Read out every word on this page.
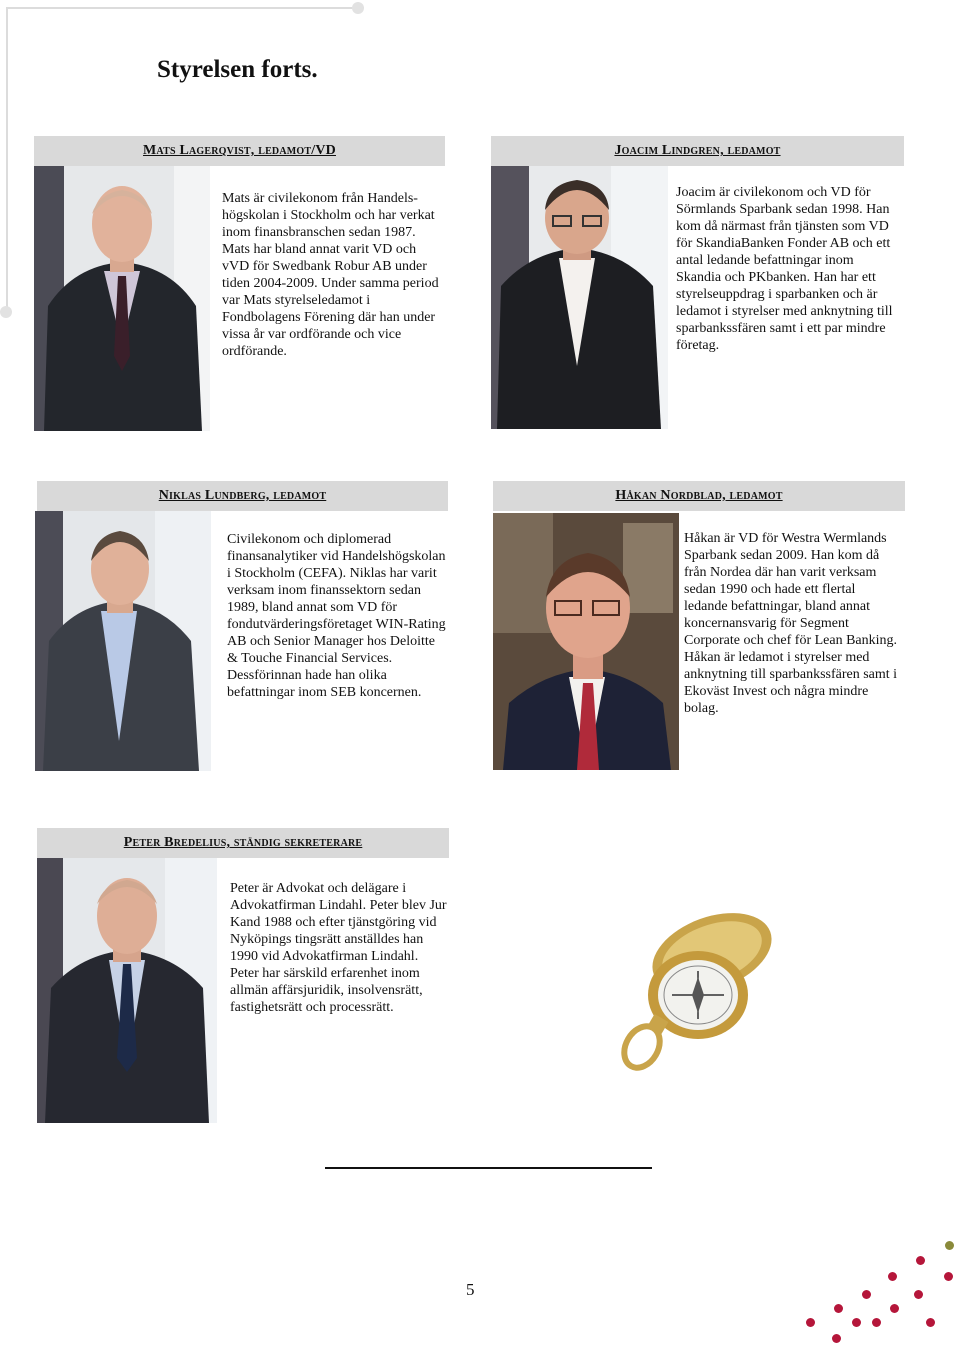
Styrelsen forts.
Mats Lagerqvist, ledamot/VD

Mats är civilekonom från Handels-högskolan i Stockholm och har verkat inom finansbranschen sedan 1987. Mats har bland annat varit VD och vVD för Swedbank Robur AB under tiden 2004-2009. Under samma period var Mats styrelseledamot i Fondbolagens Förening där han under vissa år var ordförande och vice ordförande.

Joacim Lindgren, ledamot

Joacim är civilekonom och VD för Sörmlands Sparbank sedan 1998. Han kom då närmast från tjänsten som VD för SkandiaBanken Fonder AB och ett antal ledande befattningar inom Skandia och PKbanken. Han har ett styrelseuppdrag i sparbanken och är ledamot i styrelser med anknytning till sparbankssfären samt i ett par mindre företag.

Niklas Lundberg, ledamot

Civilekonom och diplomerad finansanalytiker vid Handelshögskolan i Stockholm (CEFA). Niklas har varit verksam inom finanssektorn sedan 1989, bland annat som VD för fondutvärderingsföretaget WIN-Rating AB och Senior Manager hos Deloitte & Touche Financial Services. Dessförinnan hade han olika befattningar inom SEB koncernen.

Håkan Nordblad, ledamot

Håkan är VD för Westra Wermlands Sparbank sedan 2009. Han kom då från Nordea där han varit verksam sedan 1990 och hade ett flertal ledande befattningar, bland annat koncernansvarig för Segment Corporate och chef för Lean Banking. Håkan är ledamot i styrelser med anknytning till sparbankssfären samt i Ekoväst Invest och några mindre bolag.

Peter Bredelius, ständig sekreterare

Peter är Advokat och delägare i Advokatfirman Lindahl. Peter blev Jur Kand 1988 och efter tjänstgöring vid Nyköpings tingsrätt anställdes han 1990 vid Advokatfirman Lindahl. Peter har särskild erfarenhet inom allmän affärsjuridik, insolvensrätt, fastighetsrätt och processrätt.

5
